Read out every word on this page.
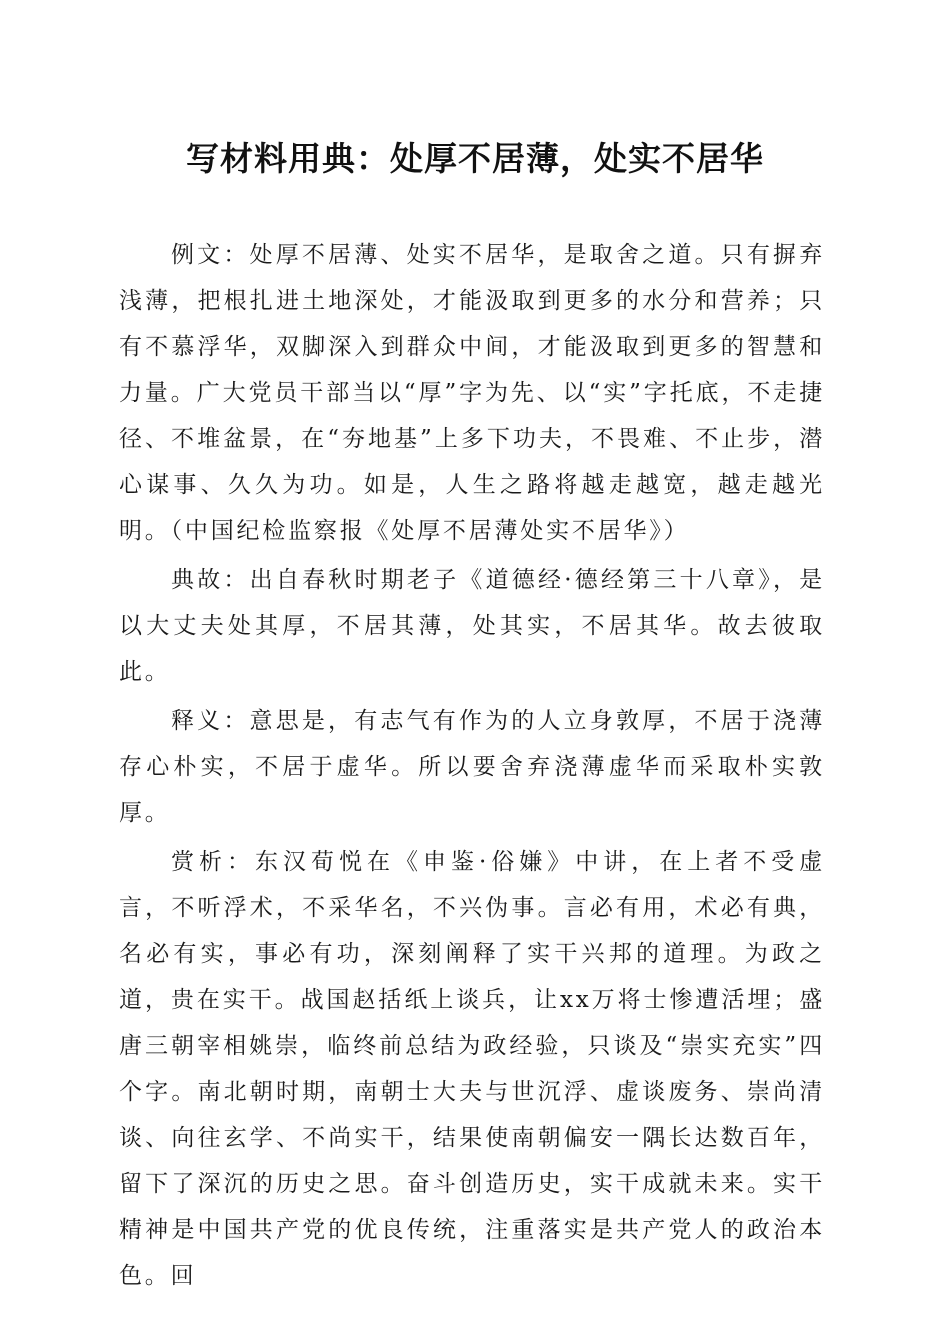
写材料用典：处厚不居薄，处实不居华

例文：处厚不居薄、处实不居华，是取舍之道。只有摒弃浅薄，把根扎进土地深处，才能汲取到更多的水分和营养；只有不慕浮华，双脚深入到群众中间，才能汲取到更多的智慧和力量。广大党员干部当以“厚”字为先、以“实”字托底，不走捷径、不堆盆景，在“夯地基”上多下功夫，不畏难、不止步，潜心谋事、久久为功。如是，人生之路将越走越宽，越走越光明。（中国纪检监察报《处厚不居薄处实不居华》）

典故：出自春秋时期老子《道德经·德经第三十八章》，是以大丈夫处其厚，不居其薄，处其实，不居其华。故去彼取此。

释义：意思是，有志气有作为的人立身敦厚，不居于浇薄存心朴实，不居于虚华。所以要舍弃浇薄虚华而采取朴实敦厚。

赏析：东汉荀悦在《申鉴·俗嫌》中讲，在上者不受虚言，不听浮术，不采华名，不兴伪事。言必有用，术必有典，名必有实，事必有功，深刻阐释了实干兴邦的道理。为政之道，贵在实干。战国赵括纸上谈兵，让xx万将士惨遭活埋；盛唐三朝宰相姚崇，临终前总结为政经验，只谈及“崇实充实”四个字。南北朝时期，南朝士大夫与世沉浮、虚谈废务、崇尚清谈、向往玄学、不尚实干，结果使南朝偏安一隅长达数百年，留下了深沉的历史之思。奋斗创造历史，实干成就未来。实干精神是中国共产党的优良传统，注重落实是共产党人的政治本色。回
